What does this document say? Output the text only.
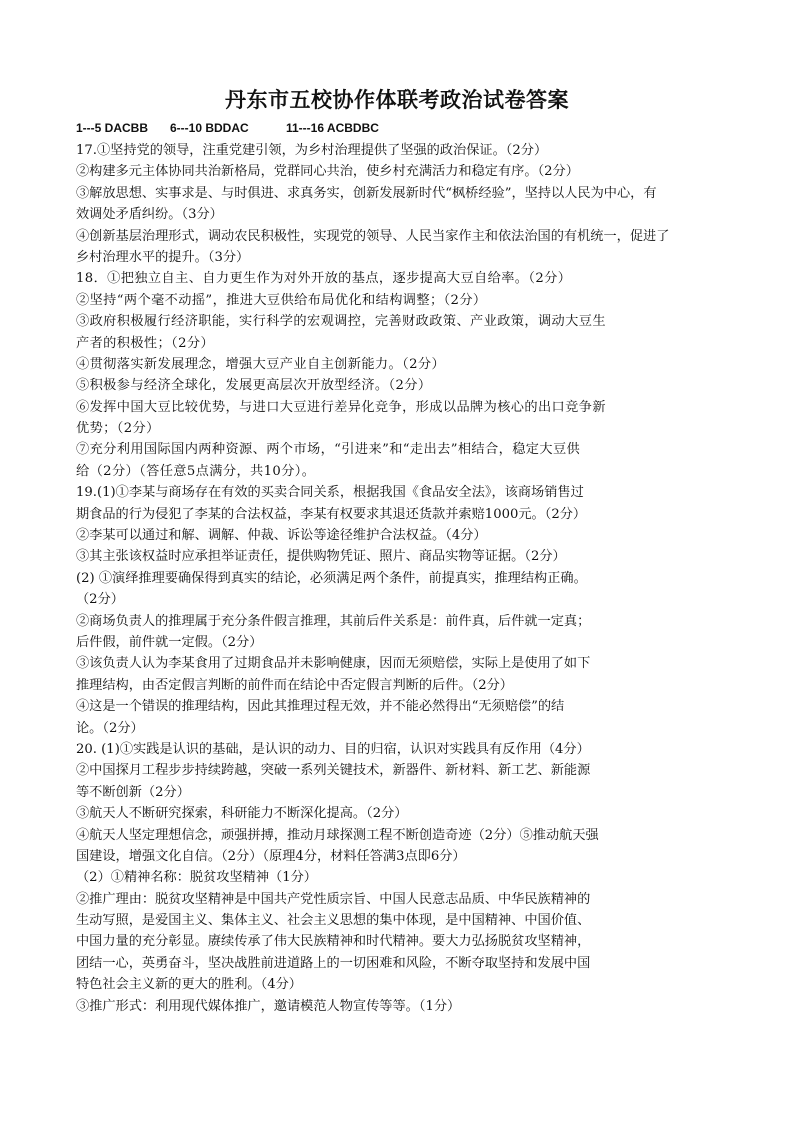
丹东市五校协作体联考政治试卷答案
1---5 DACBB 6---10 BDDAC	11---16 ACBDBC
17.①坚持党的领导，注重党建引领，为乡村治理提供了坚强的政治保证。（2分）
②构建多元主体协同共治新格局，党群同心共治，使乡村充满活力和稳定有序。（2分）
③解放思想、实事求是、与时俱进、求真务实，创新发展新时代“枫桥经验”，坚持以人民为中心，有
效调处矛盾纠纷。（3分）
④创新基层治理形式，调动农民积极性，实现党的领导、人民当家作主和依法治国的有机统一，促进了
乡村治理水平的提升。（3分）
18．①把独立自主、自力更生作为对外开放的基点，逐步提高大豆自给率。（2分）
②坚持“两个毫不动摇”，推进大豆供给布局优化和结构调整；（2分）
③政府积极履行经济职能，实行科学的宏观调控，完善财政政策、产业政策，调动大豆生
产者的积极性；（2分）
④贯彻落实新发展理念，增强大豆产业自主创新能力。（2分）
⑤积极参与经济全球化，发展更高层次开放型经济。（2分）
⑥发挥中国大豆比较优势，与进口大豆进行差异化竞争，形成以品牌为核心的出口竞争新
优势；（2分）
⑦充分利用国际国内两种资源、两个市场，“引进来”和“走出去”相结合，稳定大豆供
给（2分）（答任意5点满分，共10分）。
19.(1)①李某与商场存在有效的买卖合同关系，根据我国《食品安全法》，该商场销售过
期食品的行为侵犯了李某的合法权益，李某有权要求其退还货款并索赔1000元。（2分）
②李某可以通过和解、调解、仲裁、诉讼等途径维护合法权益。（4分）
③其主张该权益时应承担举证责任，提供购物凭证、照片、商品实物等证据。（2分）
(2) ①演绎推理要确保得到真实的结论，必须满足两个条件，前提真实，推理结构正确。
（2分）
②商场负责人的推理属于充分条件假言推理，其前后件关系是：前件真，后件就一定真；
后件假，前件就一定假。（2分）
③该负责人认为李某食用了过期食品并未影响健康，因而无须赔偿，实际上是使用了如下
推理结构，由否定假言判断的前件而在结论中否定假言判断的后件。（2分）
④这是一个错误的推理结构，因此其推理过程无效，并不能必然得出“无须赔偿”的结
论。（2分）
20. (1)①实践是认识的基础，是认识的动力、目的归宿，认识对实践具有反作用（4分）
②中国探月工程步步持续跨越，突破一系列关键技术，新器件、新材料、新工艺、新能源
等不断创新（2分）
③航天人不断研究探索，科研能力不断深化提高。（2分）
④航天人坚定理想信念，顽强拼搏，推动月球探测工程不断创造奇迹（2分）⑤推动航天强
国建设，增强文化自信。（2分）（原理4分，材料任答满3点即6分）
（2）①精神名称：脱贫攻坚精神（1分）
②推广理由：脱贫攻坚精神是中国共产党性质宗旨、中国人民意志品质、中华民族精神的
生动写照，是爱国主义、集体主义、社会主义思想的集中体现，是中国精神、中国价值、
中国力量的充分彰显。赓续传承了伟大民族精神和时代精神。要大力弘扬脱贫攻坚精神，
团结一心，英勇奋斗，坚决战胜前进道路上的一切困难和风险，不断夺取坚持和发展中国
特色社会主义新的更大的胜利。（4分）
③推广形式：利用现代媒体推广，邀请模范人物宣传等等。（1分）
